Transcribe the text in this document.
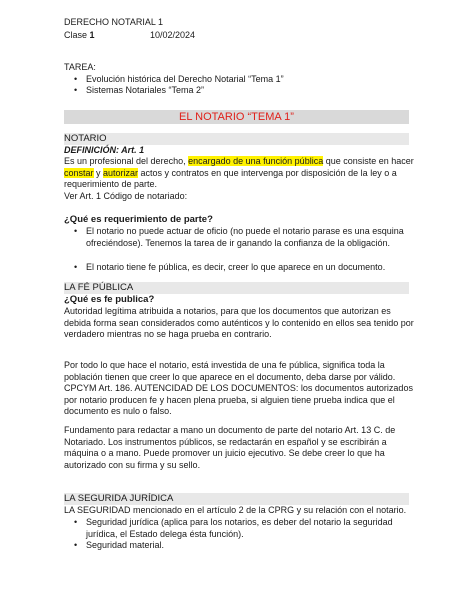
DERECHO NOTARIAL 1
Clase 1	10/02/2024
TAREA:
• Evolución histórica del Derecho Notarial “Tema 1”
• Sistemas Notariales “Tema 2”
EL NOTARIO “TEMA 1”
NOTARIO
DEFINICIÓN: Art. 1
Es un profesional del derecho, encargado de una función pública que consiste en hacer
constar y autorizar actos y contratos en que intervenga por disposición de la ley o a requerimiento de parte.
Ver Art. 1 Código de notariado:
¿Qué es requerimiento de parte?
• El notario no puede actuar de oficio (no puede el notario parase es una esquina ofreciéndose). Tenemos la tarea de ir ganando la confianza de la obligación.
• El notario tiene fe pública, es decir, creer lo que aparece en un documento.
LA FÉ PÚBLICA
¿Qué es fe publica?
Autoridad legítima atribuida a notarios, para que los documentos que autorizan es debida forma sean considerados como auténticos y lo contenido en ellos sea tenido por verdadero mientras no se haga prueba en contrario.
Por todo lo que hace el notario, está investida de una fe pública, significa toda la población tienen que creer lo que aparece en el documento, deba darse por válido. CPCYM Art. 186. AUTENCIDAD DE LOS DOCUMENTOS: los documentos autorizados por notario producen fe y hacen plena prueba, si alguien tiene prueba indica que el documento es nulo o falso.
Fundamento para redactar a mano un documento de parte del notario Art. 13 C. de Notariado. Los instrumentos públicos, se redactarán en español y se escribirán a máquina o a mano. Puede promover un juicio ejecutivo. Se debe creer lo que ha autorizado con su firma y su sello.
LA SEGURIDA JURÍDICA
LA SEGURIDAD mencionado en el artículo 2 de la CPRG y su relación con el notario.
• Seguridad jurídica (aplica para los notarios, es deber del notario la seguridad jurídica, el Estado delega ésta función).
• Seguridad material.
